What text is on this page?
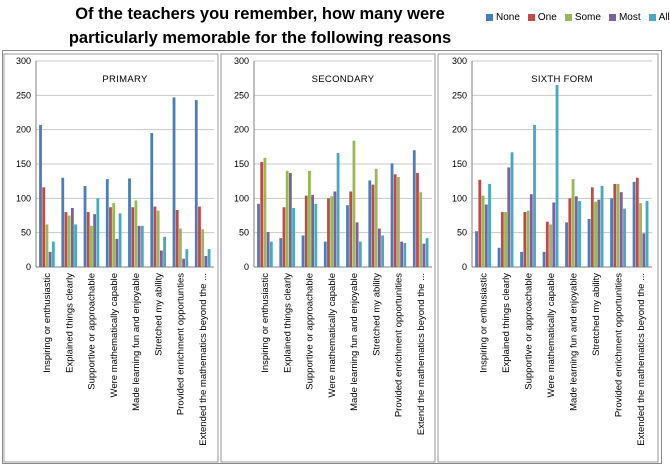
Of the teachers you remember, how many were
particularly memorable for the following reasons
None One Some Most All
0
50
100
150
200
250
300
PRIMARY
Inspiring or enthusiastic Explained things clearly Supportive or approachable Were mathematically capable Made learning fun and enjoyable Stretched my ability Provided enrichment opportunties Extended the mathematics beyond the ...
0
50
100
150
200
250
300
SECONDARY
Inspiring or enthusiastic Explained things clearly Supportive or approachable Were mathematically capable Made learning fun and enjoyable Stretched my ability Provided enrichment opportunities Extend the mathematics beyond the ...
0
50
100
150
200
250
300
SIXTH FORM
Inspiring or enthusiastic Explained things clearly Supportive or approachable Were mathematically capable Made learning fun and enjoyable Stretched my ability Provided enrichment opportunities Extended the mathematics beyond the ...
